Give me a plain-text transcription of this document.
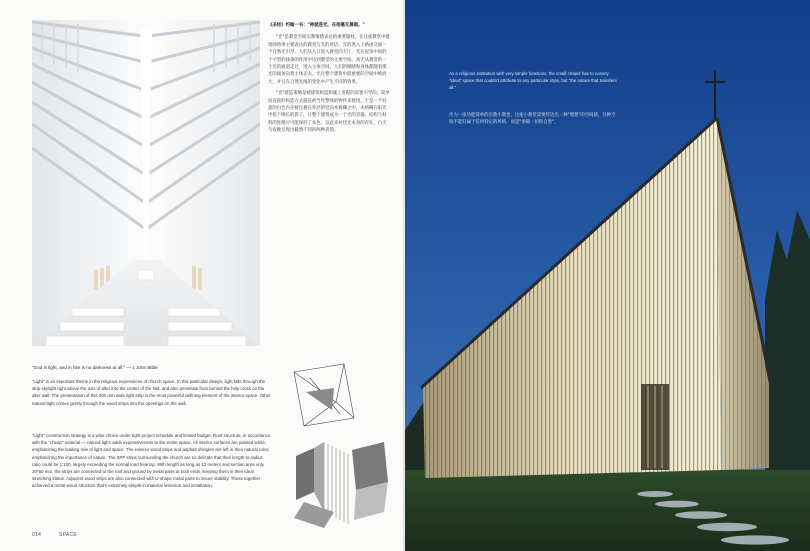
《圣经》约翰一书："神就是光，在他毫无黑暗。"

"光"是教堂空间宗教情感表达的重要题材。在这座教堂中建筑师将事主要表达的教堂与光的对话。光的进入上路由交通一个自然光引导，人们从入口进入教堂向大厅，光在屋顶中间的十字型的线条的作用中达到教堂的主要空间。高光从教堂的一个光的通道走过，进入主体空间，人们的眼睛和身体都随着那光的线条向着主体走去。光在整个建筑中最重要的空间中被放大，并且在自然光线的变化中产生不同的效果。

"光"建造策略是被建筑构造和施工进程的需要引导的。简单而直接的构造方式就是被当作整体的物件来使用。于是一个轻盈的白色内壳被包裹在外层的竖向木格栅之中，木格栅在阳光中投下细长的影子，让整个建筑成为一个光的容器。结构与材料的处理尽可能保持了本色，以此来衬托光本身的存在，白天与夜晚呈现出截然不同的两种表情。

"God is light, and in him is no darkness at all." — 1 John Bible

"Light" is an important theme in the religious expressions of church space. In this particular design, light falls through the strip skylight right above the axis of alter into the center of the hall, and also penetrate from behind the holy cross on the alter wall. The presentation of this 300 mm wide light strip is the most powerful defining element of the interior space. Other natural light comes gently through the wood strips into the openings on the wall.

"Light" construction strategy is a wise choice under tight project schedule and limited budget. Roof structure, in accordance with the "cheap" material — natural light, adds expressiveness to the entire space. All interior surfaces are painted white, emphasizing the leading role of light and space. The exterior wood strips and asphalt shingles are left in their natural color, emphasizing the importance of nature. The SPF strips surrounding the church are so delicate that their length-to-radius ratio could be 1:120, largely exceeding the normal load bearing. With length as long as 12 meters and section area only 30*50 mm, the strips are connected to the roof and ground by metal parts at both ends, keeping them in their ideal stretching status. Adjacent wood strips are also connected with U-shape metal parts to insure stability. These together achieved a metal-wood structure that's extremely simple in material selection and installation.

014	SPACE
As a religious institution with very simple functions, the small chapel has to convey "ideal" space that couldn't attribute to any particular style, but "the nature that transfers all."
作为一座功能简单的宗教小教堂，这座小教堂需要传达出一种"理想"的空间感，这种空间不能归属于任何特定的风格，而是"承载一切的自然"。
